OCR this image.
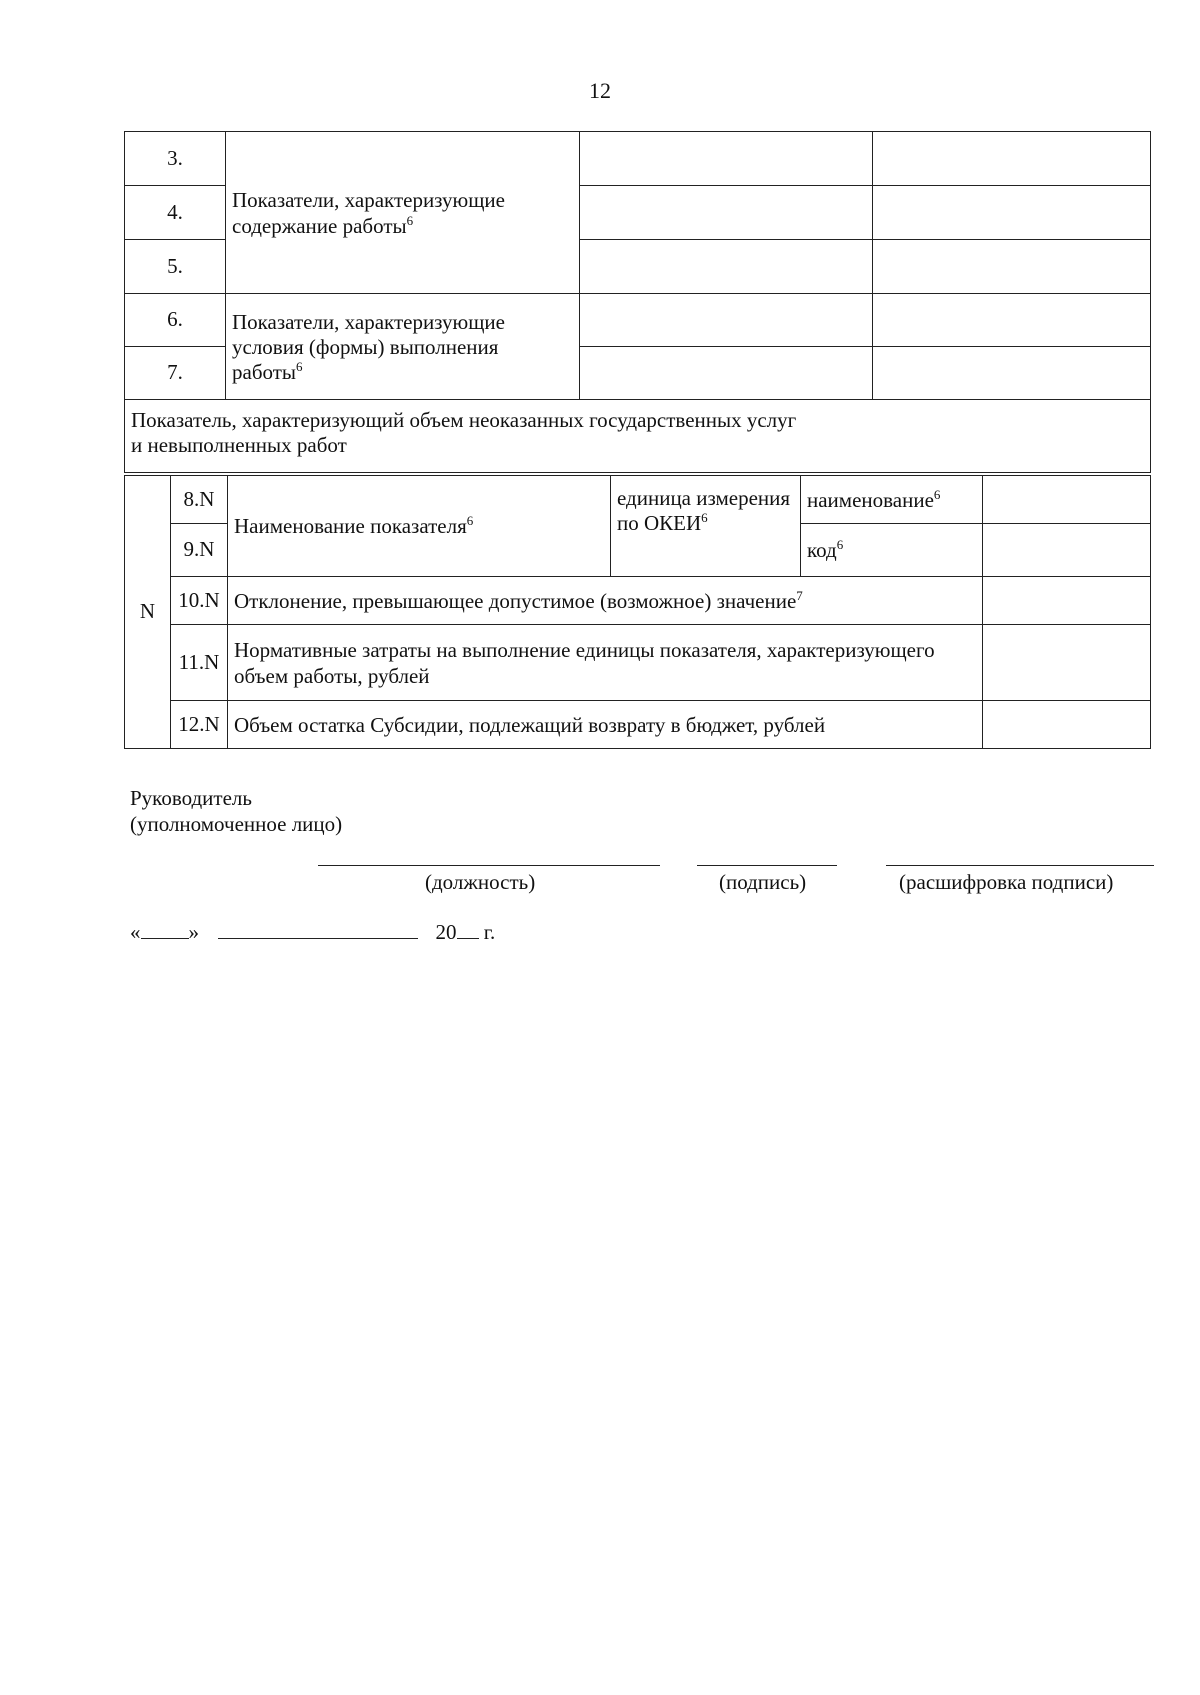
12
3.	Показатели, характеризующие содержание работы$^6$		
4.			
5.			
6.	Показатели, характеризующие условия (формы) выполнения работы$^6$		
7.			

Показатель, характеризующий объем неоказанных государственных услуг
и невыполненных работ			
N	8.N	Наименование показателя$^6$	единица измерения по ОКЕИ$^6$	наименование$^6$	
	9.N			код$^6$	
	10.N	Отклонение, превышающее допустимое (возможное) значение$^7$	
	11.N	Нормативные затраты на выполнение единицы показателя, характеризующего объем работы, рублей			
	12.N	Объем остатка Субсидии, подлежащий возврату в бюджет, рублей			
Руководитель (уполномоченное лицо)
(должность)	(подпись)	(расшифровка подписи)
« »	20 г.
